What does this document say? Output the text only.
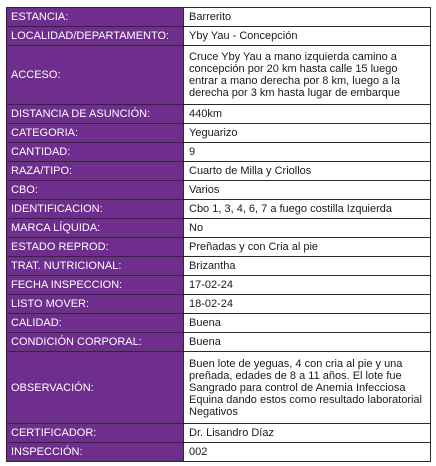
ESTANCIA:	Barrerito
LOCALIDAD/DEPARTAMENTO:	Yby Yau - Concepción
ACCESO:	Cruce Yby Yau a mano izquierda camino a concepción por 20 km hasta calle 15 luego entrar a mano derecha por 8 km, luego a la derecha por 3 km hasta lugar de embarque
DISTANCIA DE ASUNCIÓN:	440km
CATEGORIA:	Yeguarizo
CANTIDAD:	9
RAZA/TIPO:	Cuarto de Milla y Criollos
CBO:	Varios
IDENTIFICACION:	Cbo 1, 3, 4, 6, 7 a fuego costilla Izquierda
MARCA LÍQUIDA:	No
ESTADO REPROD:	Preñadas y con Cria al pie
TRAT. NUTRICIONAL:	Brizantha
FECHA INSPECCION:	17-02-24
LISTO MOVER:	18-02-24
CALIDAD:	Buena
CONDICIÓN CORPORAL:	Buena
OBSERVACIÓN:	Buen lote de yeguas, 4 con cria al pie y una preñada, edades de 8 a 11 años. El lote fue Sangrado para control de Anemia Infecciosa Equina dando estos como resultado laboratorial Negativos
CERTIFICADOR:	Dr. Lisandro Díaz
INSPECCIÓN:	002
